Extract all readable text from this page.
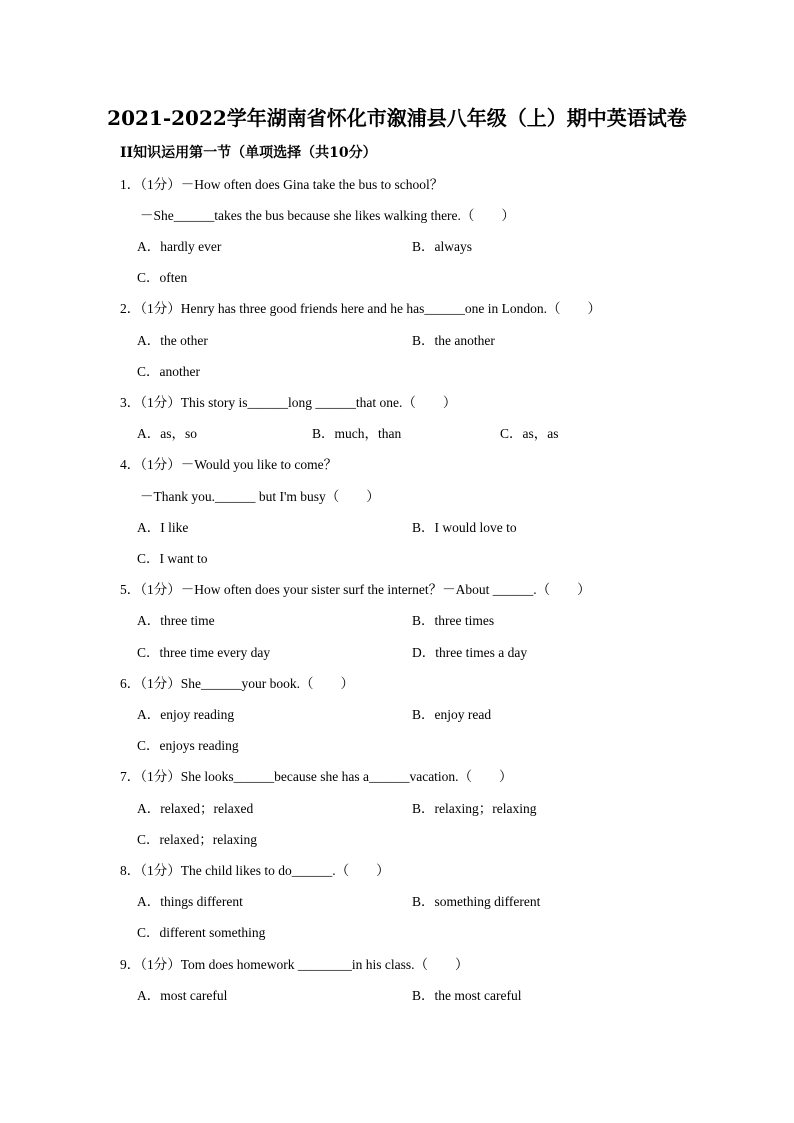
2021-2022学年湖南省怀化市溆浦县八年级（上）期中英语试卷
II知识运用第一节（单项选择（共10分）
1．（1分）－How often does Gina take the bus to school？
－She______takes the bus because she likes walking there.（　　）
A．hardly ever	B．always
C．often
2．（1分）Henry has three good friends here and he has______one in London.（　　）
A．the other	B．the another
C．another
3．（1分）This story is______long ______that one.（　　）
A．as，so	B．much，than	C．as，as
4．（1分）－Would you like to come？
－Thank you.______ but I'm busy（　　）
A．I like	B．I would love to
C．I want to
5．（1分）－How often does your sister surf the internet？－About ______.（　　）
A．three time	B．three times
C．three time every day	D．three times a day
6．（1分）She______your book.（　　）
A．enjoy reading	B．enjoy read
C．enjoys reading
7．（1分）She looks______because she has a______vacation.（　　）
A．relaxed；relaxed	B．relaxing；relaxing
C．relaxed；relaxing
8．（1分）The child likes to do______.（　　）
A．things different	B．something different
C．different something
9．（1分）Tom does homework ________in his class.（　　）
A．most careful	B．the most careful
